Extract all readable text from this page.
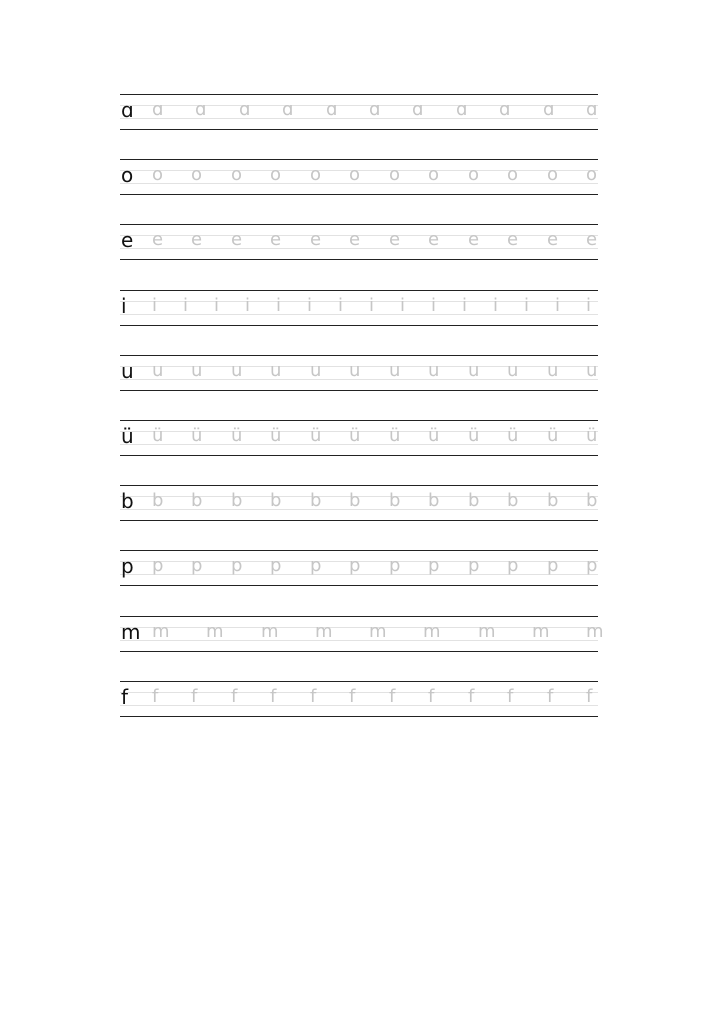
ɑ ɑ ɑ ɑ ɑ ɑ ɑ ɑ ɑ ɑ ɑ ɑ
o o o o o o o o o o o o o
e e e e e e e e e e e e e
i i i i i i i i i i i i i i i i
u u u u u u u u u u u u u
ü ü ü ü ü ü ü ü ü ü ü ü ü
b b b b b b b b b b b b b
p p p p p p p p p p p p p
m m m m m m m m m m
f f f f f f f f f f f f f
